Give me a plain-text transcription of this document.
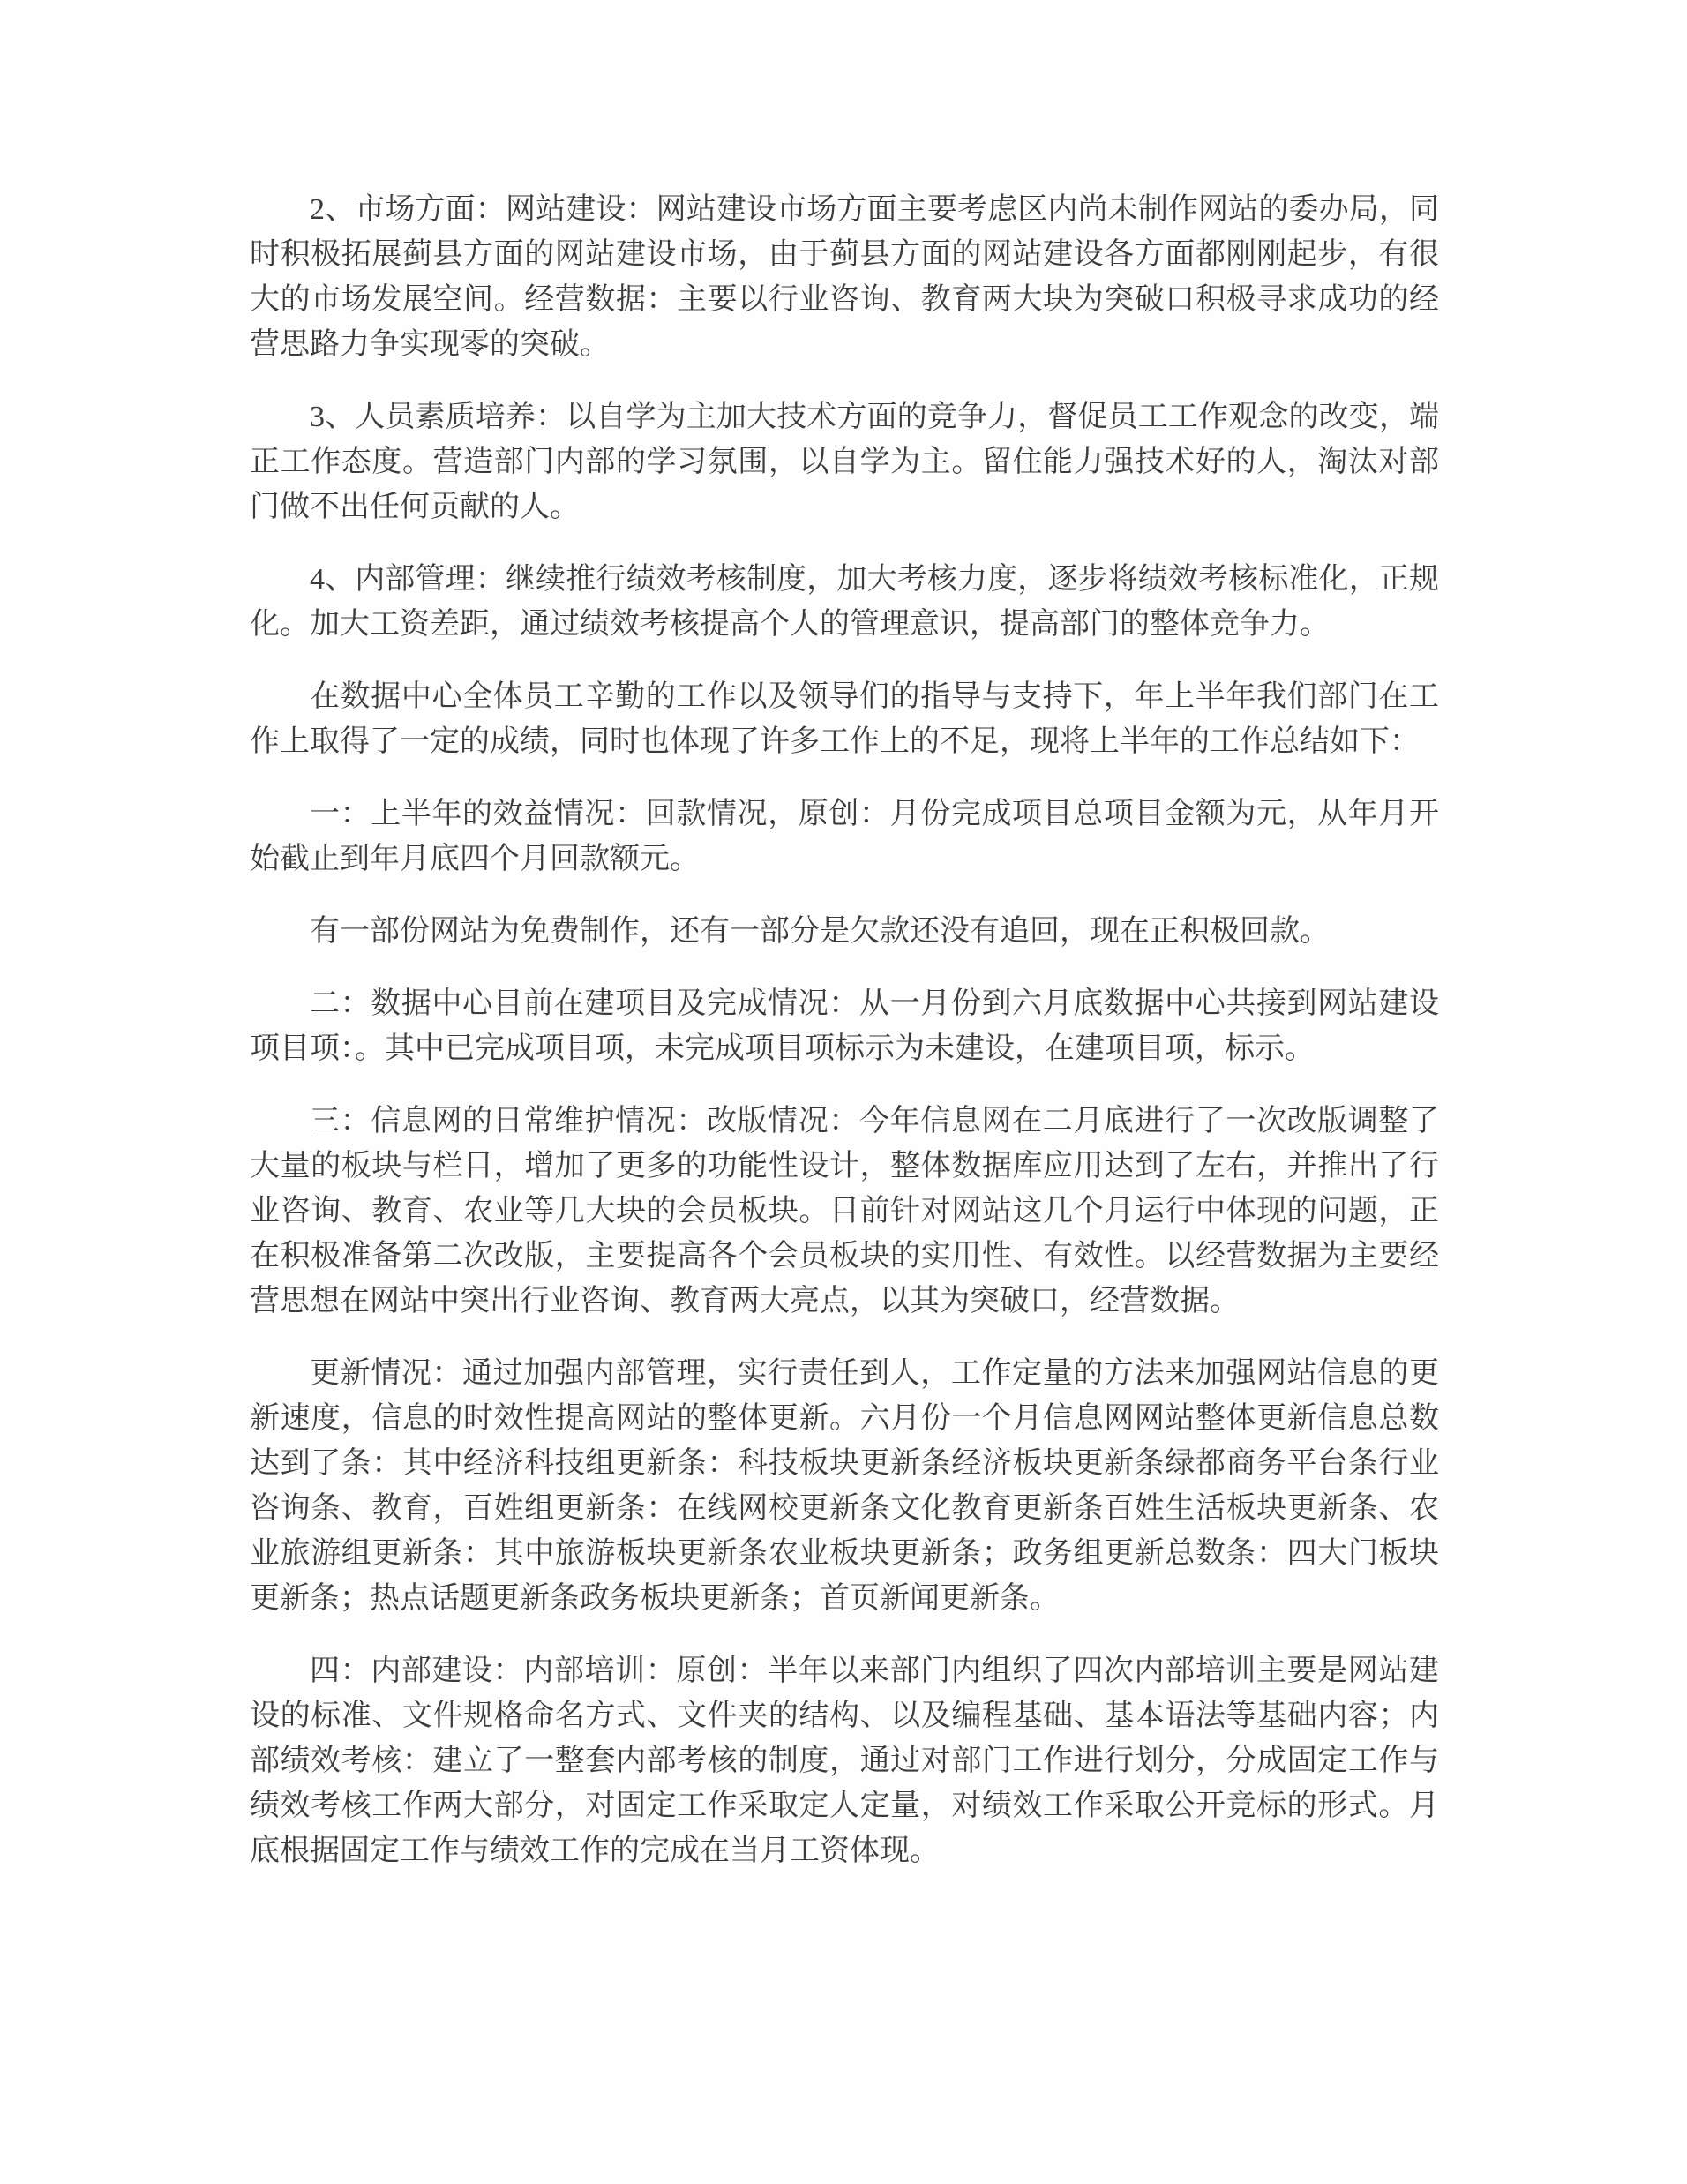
2、市场方面：网站建设：网站建设市场方面主要考虑区内尚未制作网站的委办局，同时积极拓展蓟县方面的网站建设市场，由于蓟县方面的网站建设各方面都刚刚起步，有很大的市场发展空间。经营数据：主要以行业咨询、教育两大块为突破口积极寻求成功的经营思路力争实现零的突破。

3、人员素质培养：以自学为主加大技术方面的竞争力，督促员工工作观念的改变，端正工作态度。营造部门内部的学习氛围，以自学为主。留住能力强技术好的人，淘汰对部门做不出任何贡献的人。

4、内部管理：继续推行绩效考核制度，加大考核力度，逐步将绩效考核标准化，正规化。加大工资差距，通过绩效考核提高个人的管理意识，提高部门的整体竞争力。

在数据中心全体员工辛勤的工作以及领导们的指导与支持下，年上半年我们部门在工作上取得了一定的成绩，同时也体现了许多工作上的不足，现将上半年的工作总结如下：

一：上半年的效益情况：回款情况，原创：月份完成项目总项目金额为元，从年月开始截止到年月底四个月回款额元。

有一部份网站为免费制作，还有一部分是欠款还没有追回，现在正积极回款。

二：数据中心目前在建项目及完成情况：从一月份到六月底数据中心共接到网站建设项目项：。其中已完成项目项，未完成项目项标示为未建设，在建项目项，标示。

三：信息网的日常维护情况：改版情况：今年信息网在二月底进行了一次改版调整了大量的板块与栏目，增加了更多的功能性设计，整体数据库应用达到了左右，并推出了行业咨询、教育、农业等几大块的会员板块。目前针对网站这几个月运行中体现的问题，正在积极准备第二次改版，主要提高各个会员板块的实用性、有效性。以经营数据为主要经营思想在网站中突出行业咨询、教育两大亮点，以其为突破口，经营数据。

更新情况：通过加强内部管理，实行责任到人，工作定量的方法来加强网站信息的更新速度，信息的时效性提高网站的整体更新。六月份一个月信息网网站整体更新信息总数达到了条：其中经济科技组更新条：科技板块更新条经济板块更新条绿都商务平台条行业咨询条、教育，百姓组更新条：在线网校更新条文化教育更新条百姓生活板块更新条、农业旅游组更新条：其中旅游板块更新条农业板块更新条；政务组更新总数条：四大门板块更新条；热点话题更新条政务板块更新条；首页新闻更新条。

四：内部建设：内部培训：原创：半年以来部门内组织了四次内部培训主要是网站建设的标准、文件规格命名方式、文件夹的结构、以及编程基础、基本语法等基础内容；内部绩效考核：建立了一整套内部考核的制度，通过对部门工作进行划分，分成固定工作与绩效考核工作两大部分，对固定工作采取定人定量，对绩效工作采取公开竞标的形式。月底根据固定工作与绩效工作的完成在当月工资体现。
